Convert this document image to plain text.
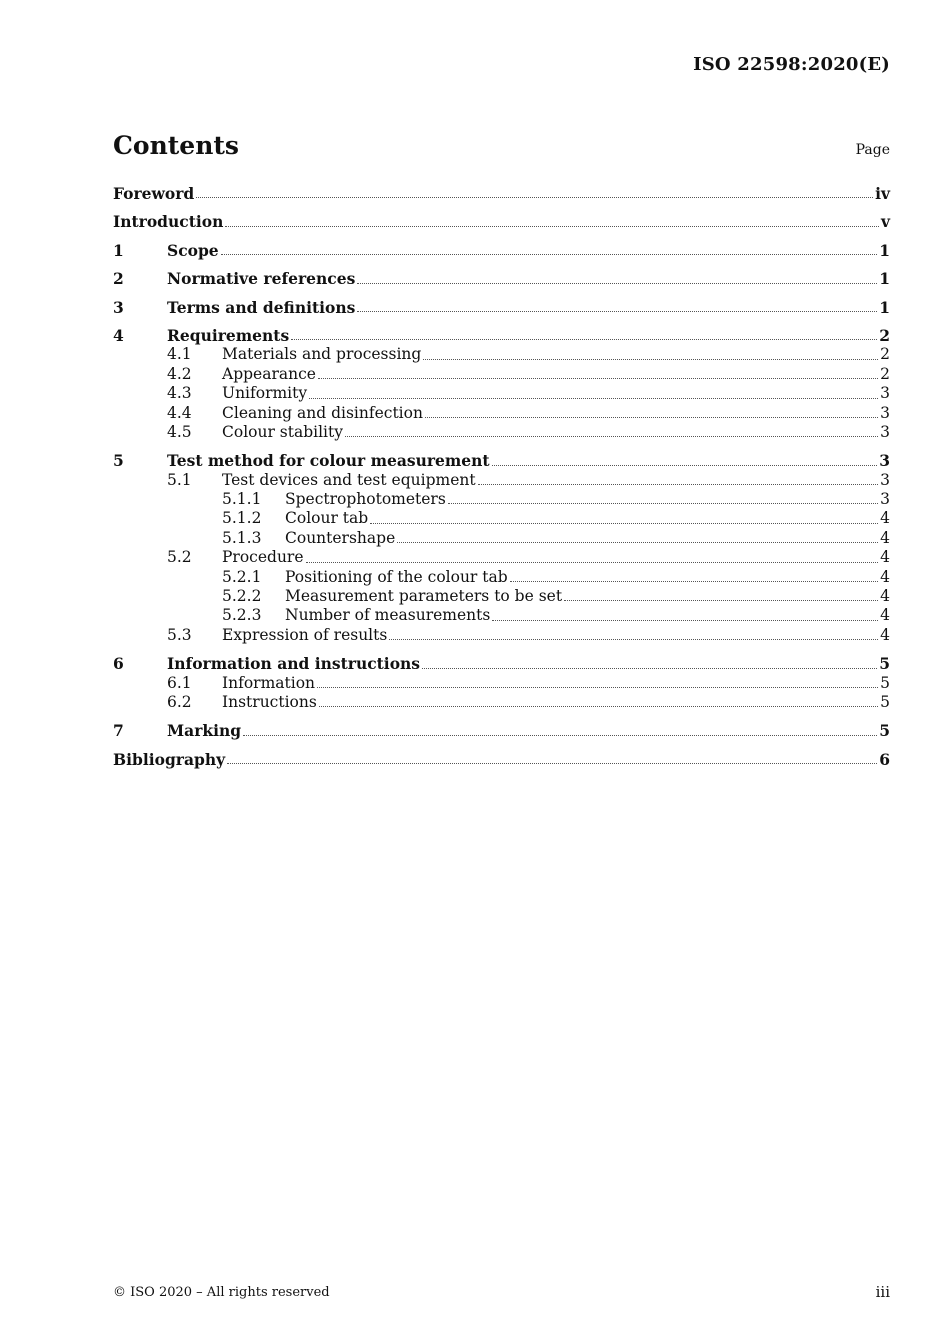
ISO 22598:2020(E)
Contents	Page
Foreword	iv
Introduction	v
1	Scope	1
2	Normative references	1
3	Terms and definitions	1
4	Requirements	2
4.1	Materials and processing	2
4.2	Appearance	2
4.3	Uniformity	3
4.4	Cleaning and disinfection	3
4.5	Colour stability	3
5	Test method for colour measurement	3
5.1	Test devices and test equipment	3
5.1.1	Spectrophotometers	3
5.1.2	Colour tab	4
5.1.3	Countershape	4
5.2	Procedure	4
5.2.1	Positioning of the colour tab	4
5.2.2	Measurement parameters to be set	4
5.2.3	Number of measurements	4
5.3	Expression of results	4
6	Information and instructions	5
6.1	Information	5
6.2	Instructions	5
7	Marking	5
Bibliography	6
© ISO 2020 – All rights reserved	iii
